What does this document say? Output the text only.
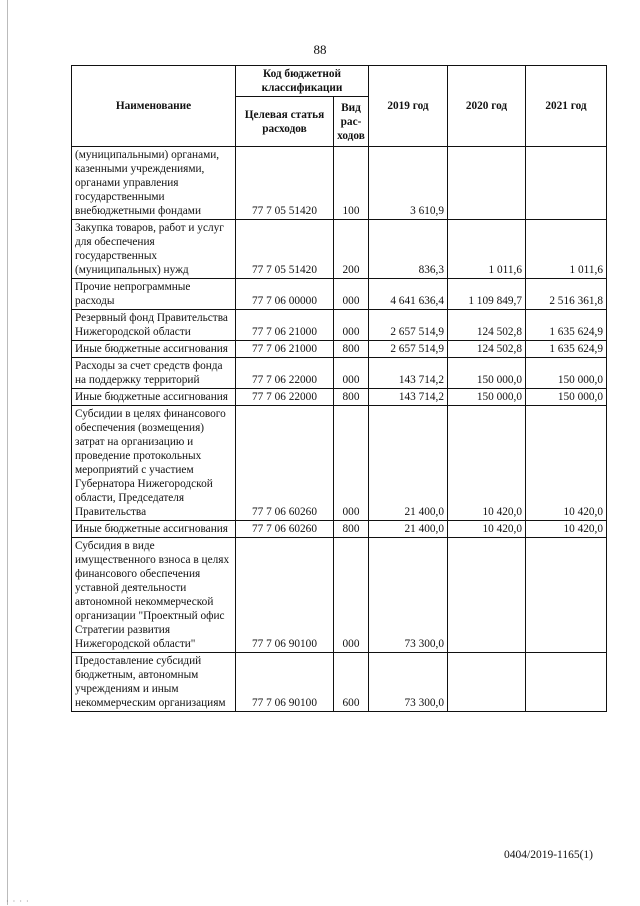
88
Наименование	Код бюджетной классификации		2019 год	2020 год	2021 год
	Целевая статья расходов	Вид рас- ходов			
(муниципальными) органами, казенными учреждениями, органами управления государственными внебюджетными фондами	77 7 05 51420	100	3 610,9		
Закупка товаров, работ и услуг для обеспечения государственных (муниципальных) нужд	77 7 05 51420	200	836,3	1 011,6	1 011,6
Прочие непрограммные расходы	77 7 06 00000	000	4 641 636,4	1 109 849,7	2 516 361,8
Резервный фонд Правительства Нижегородской области	77 7 06 21000	000	2 657 514,9	124 502,8	1 635 624,9
Иные бюджетные ассигнования	77 7 06 21000	800	2 657 514,9	124 502,8	1 635 624,9
Расходы за счет средств фонда на поддержку территорий	77 7 06 22000	000	143 714,2	150 000,0	150 000,0
Иные бюджетные ассигнования	77 7 06 22000	800	143 714,2	150 000,0	150 000,0
Субсидии в целях финансового обеспечения (возмещения) затрат на организацию и проведение протокольных мероприятий с участием Губернатора Нижегородской области, Председателя Правительства	77 7 06 60260	000	21 400,0	10 420,0	10 420,0
Иные бюджетные ассигнования	77 7 06 60260	800	21 400,0	10 420,0	10 420,0
Субсидия в виде имущественного взноса в целях финансового обеспечения уставной деятельности автономной некоммерческой организации "Проектный офис Стратегии развития Нижегородской области"	77 7 06 90100	000	73 300,0		
Предоставление субсидий бюджетным, автономным учреждениям и иным некоммерческим организациям	77 7 06 90100	600	73 300,0		
0404/2019-1165(1)
· · · ·
